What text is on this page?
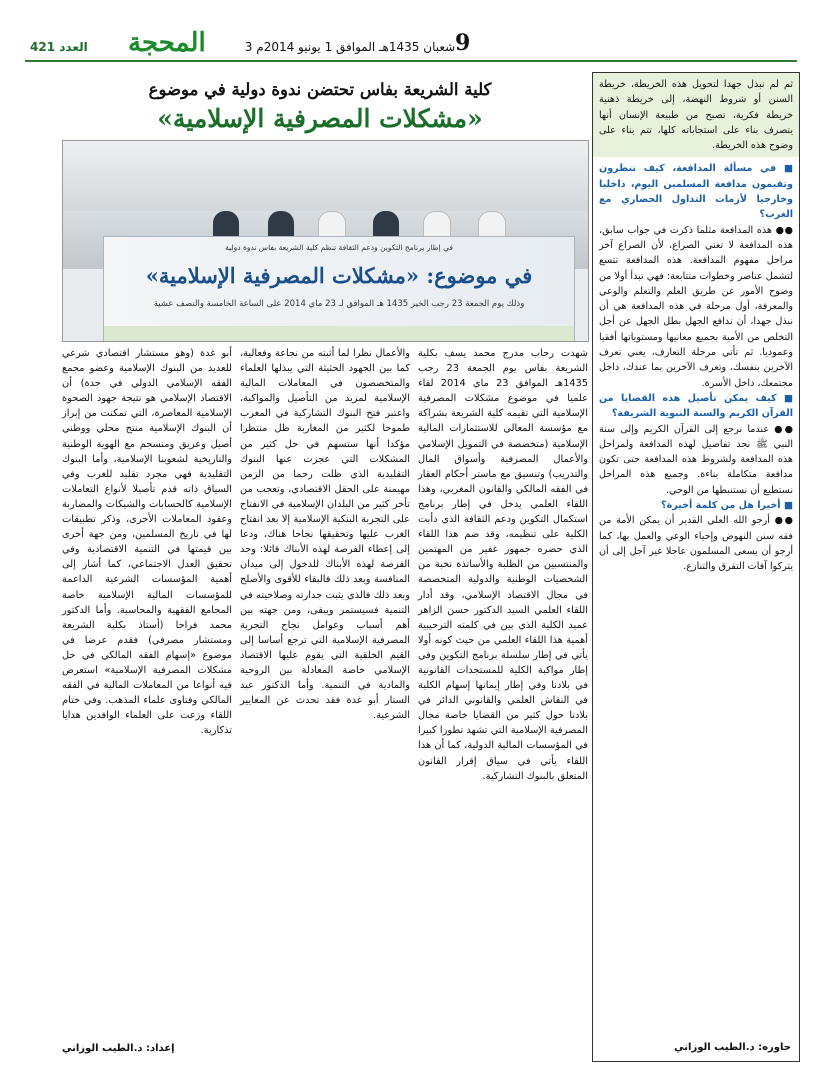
العدد 421 المحجة	3 شعبان 1435هـ الموافق 1 يونيو 2014م 9
كلية الشريعة بفاس تحتضن ندوة دولية في موضوع
«مشكلات المصرفية الإسلامية»
في إطار برنامج التكوين ودعم الثقافة تنظم كلية الشريعة بفاس ندوة دولية
في موضوع: «مشكلات المصرفية الإسلامية»
وذلك يوم الجمعة 23 رجب الخير 1435 هـ الموافق لـ 23 ماي 2014 على الساعة الخامسة والنصف عشية

شهدت رحاب مدرج محمد يسف بكلية الشريعة بفاس يوم الجمعة 23 رجب 1435هـ الموافق 23 ماي 2014 لقاء علميا في موضوع مشكلات المصرفية الإسلامية التي تقيمه كلية الشريعة بشراكة مع مؤسسة المعالي للاستثمارات المالية الإسلامية (متخصصة في التمويل الإسلامي والأعمال المصرفية وأسواق المال والتدريب) وتنسيق مع ماستر أحكام العقار في الفقه المالكي والقانون المغربي، وهذا اللقاء العلمي يدخل في إطار برنامج استكمال التكوين ودعم الثقافة الذي دأبت الكلية على تنظيمه، وقد ضم هذا اللقاء الذي حضره جمهور غفير من المهتمين والمنتسبين من الطلبة والأساتذة نخبة من الشخصيات الوطنية والدولية المتخصصة في مجال الاقتصاد الإسلامي، وقد أدار اللقاء العلمي السيد الدكتور حسن الزاهر عميد الكلية الذي بين في كلمته الترحيبية أهمية هذا اللقاء العلمي من حيث كونه أولا يأتي في إطار سلسلة برنامج التكوين وفي إطار مواكبة الكلية للمستجدات القانونية في بلادنا وفي إطار إيمانها إسهام الكلية في النقاش العلمي والقانوني الدائر في بلادنا حول كثير من القضايا خاصة مجال المصرفية الإسلامية التي تشهد تطورا كبيرا في المؤسسات المالية الدولية، كما أن هذا اللقاء يأتي في سياق إقرار القانون المتعلق بالبنوك التشاركية.

والأعمال نظرا لما أثبته من نجاعة وفعالية، كما بين الجهود الحثيثة التي يبذلها العلماء والمتخصصون في المعاملات المالية الإسلامية لمزيد من التأصيل والمواكبة، واعتبر فتح البنوك التشاركية في المغرب طموحا لكثير من المغاربة ظل منتظرا مؤكدا أنها ستسهم في حل كثير من المشكلات التي عجزت عنها البنوك التقليدية الذي ظلت رحما من الزمن مهيمنة على الحقل الاقتصادي، وتعجب من تأخر كثير من البلدان الإسلامية في الانفتاح على التجربة البنكية الإسلامية إلا بعد انفتاح الغرب عليها وتحقيقها نجاحا هناك، ودعا إلى إعطاء الفرصة لهذه الأبناك قائلا: وجد الفرصة لهذه الأبناك للدخول إلى ميدان المنافسة وبعد ذلك فالبقاء للأقوى والأصلح وبعد ذلك فالذي يثبت جدارته وصلاحيته في التنمية فسيستمر ويبقى، ومن جهته بين أهم أسباب وعوامل نجاح التجربة المصرفية الإسلامية التي ترجع أساسا إلى القيم الخلقية التي يقوم عليها الاقتصاد الإسلامي خاصة المعادلة بين الروحية والمادية في التنمية. وأما الدكتور عبد الستار أبو غدة فقد تحدث عن المعايير الشرعية.

أبو غدة (وهو مستشار اقتصادي شرعي للعديد من البنوك الإسلامية وعضو مجمع الفقه الإسلامي الدولي في جدة) أن الاقتصاد الإسلامي هو نتيجة جهود الصحوة الإسلامية المعاصرة، التي تمكنت من إبراز أن البنوك الإسلامية منتج محلي ووطني أصيل وعريق ومنسجم مع الهوية الوطنية والتاريخية لشعوبنا الإسلامية، وأما البنوك التقليدية فهي مجرد تقليد للغرب وفي السياق ذاته قدم تأصيلا لأنواع التعاملات الإسلامية كالحسابات والشيكات والمضاربة وعقود المعاملات الأخرى، وذكر تطبيقات لها في تاريخ المسلمين، ومن جهة أخرى بين قيمتها في التنمية الاقتصادية وفي تحقيق العدل الاجتماعي، كما أشار إلى أهمية المؤسسات الشرعية الداعمة للمؤسسات المالية الإسلامية خاصة المجامع الفقهية والمحاسبة. وأما الدكتور محمد فراحا (أستاذ بكلية الشريعة ومستشار مصرفي) فقدم عرضا في موضوع «إسهام الفقه المالكي في حل مشكلات المصرفية الإسلامية» استعرض فيه أنواعا من المعاملات المالية في الفقه المالكي وفتاوى علماء المذهب. وفي ختام اللقاء وزعت على العلماء الوافدين هدايا تذكارية.

إعداد: د.الطيب الوزاني

ثم لم نبذل جهدا لتحويل هذه الخريطة، خريطة السنن أو شروط النهضة، إلى خريطة ذهنية خريطة فكرية، تصبح من طبيعة الإنسان أنها يتصرف بناء على استجاباته كلها، تتم بناء على وضوح هذه الخريطة.

■ في مسألة المدافعة، كيف تنظرون وتقيمون مدافعة المسلمين اليوم، داخليا وخارجيا لأزمات التداول الحضاري مع الغرب؟

●● هذه المدافعة مثلما ذكرت في جواب سابق، هذه المدافعة لا تعني الصراع، لأن الصراع آخر مراحل مفهوم المدافعة. هذه المدافعة تتسع لتشمل عناصر وخطوات متتابعة: فهي تبدأ أولا من وضوح الأمور عن طريق العلم والتعلم والوعي والمعرفة، أول مرحلة في هذه المدافعة هي أن نبذل جهدا، أن ندافع الجهل بطل الجهل عن أجل التخلص من الأمية بجميع معانيها ومستوياتها أفقيا وعموديا. ثم تأتي مرحلة التعارف، يعني تعرف الآخرين بنفسك، وتعرف الآخرين بما عندك، داخل مجتمعك، داخل الأسرة.

■ كيف يمكن تأصيل هذه القضايا من القرآن الكريم والسنة النبوية الشريفة؟

●● عندما نرجع إلى القرآن الكريم وإلى سنة النبي ﷺ نجد تفاصيل لهذه المدافعة ولمراحل هذه المدافعة ولشروط هذه المدافعة حتى تكون مدافعة متكاملة بناءة. وجميع هذه المراحل نستطيع أن نستنبطها من الوحي.

■ أخيرا هل من كلمة أخيرة؟

●● أرجو الله العلي القدير أن يمكن الأمة من فقه سنن النهوض وإحياء الوعي والعمل بها، كما أرجو أن يسعى المسلمون عاجلا غير آجل إلى أن يتركوا آفات التفرق والتنازع.

حاوره: د.الطيب الوزاني
